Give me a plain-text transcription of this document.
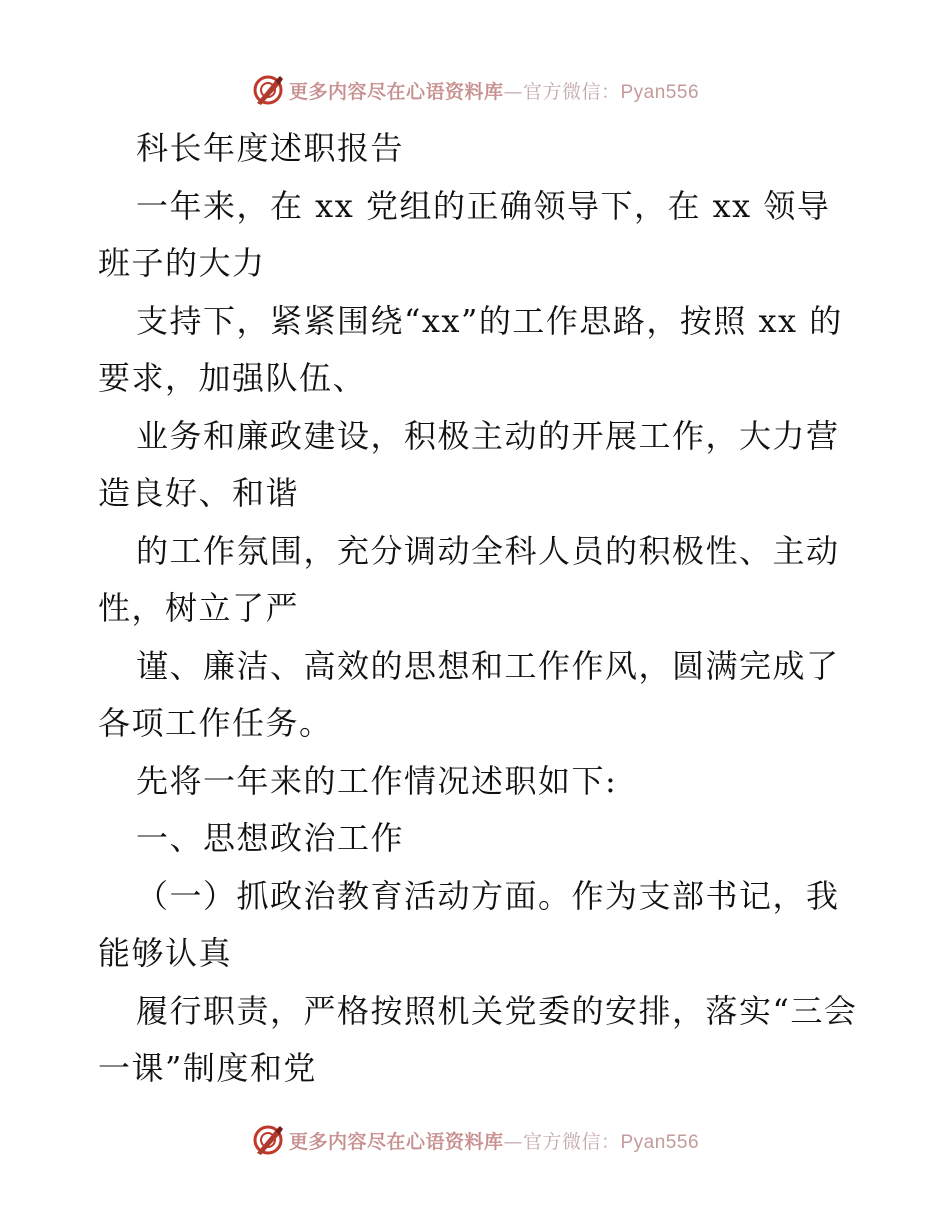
更多内容尽在心语资料库—官方微信：Pyan556

科长年度述职报告

一年来，在 xx 党组的正确领导下，在 xx 领导班子的大力

支持下，紧紧围绕“xx”的工作思路，按照 xx 的要求，加强队伍、

业务和廉政建设，积极主动的开展工作，大力营造良好、和谐

的工作氛围，充分调动全科人员的积极性、主动性，树立了严

谨、廉洁、高效的思想和工作作风，圆满完成了各项工作任务。

先将一年来的工作情况述职如下:

一、思想政治工作

（一）抓政治教育活动方面。作为支部书记，我能够认真

履行职责，严格按照机关党委的安排，落实“三会一课”制度和党

更多内容尽在心语资料库—官方微信：Pyan556
